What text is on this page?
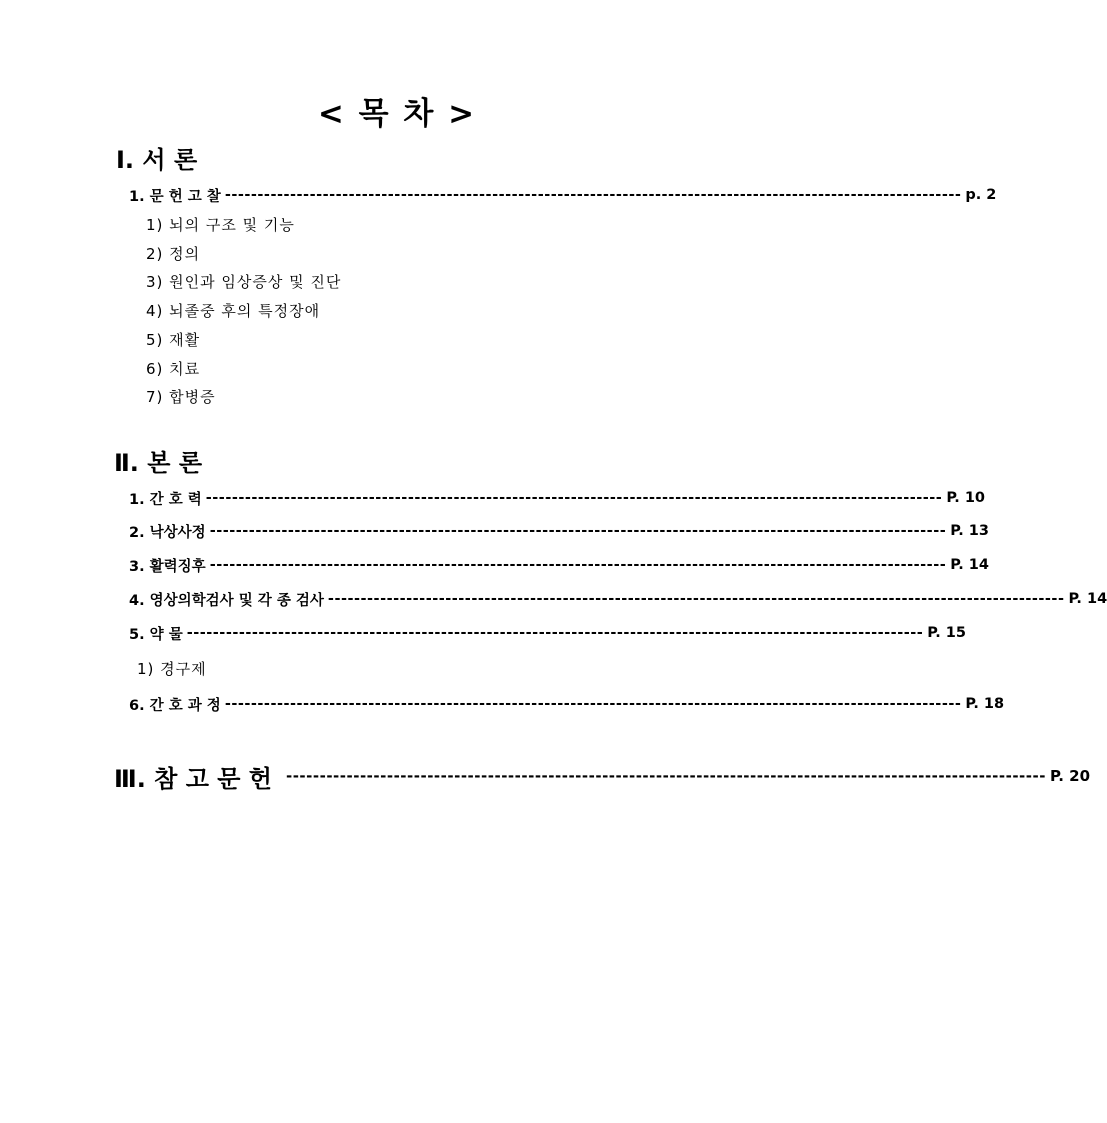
< 목 차 >
Ⅰ. 서 론
1. 문 헌 고 찰 ----------------------------------------------------------------------------------------------------------------- p. 2
1) 뇌의 구조 및 기능
2) 정의
3) 원인과 임상증상 및 진단
4) 뇌졸중 후의 특정장애
5) 재활
6) 치료
7) 합병증
Ⅱ. 본 론
1. 간 호 력 ----------------------------------------------------------------------------------------------------------------- P. 10
2. 낙상사정 ----------------------------------------------------------------------------------------------------------------- P. 13
3. 활력징후 ----------------------------------------------------------------------------------------------------------------- P. 14
4. 영상의학검사 및 각 종 검사 ----------------------------------------------------------------------------------------------------------------- P. 14
5. 약 물 ----------------------------------------------------------------------------------------------------------------- P. 15
1) 경구제
6. 간 호 과 정 ----------------------------------------------------------------------------------------------------------------- P. 18
Ⅲ. 참 고 문 헌 ----------------------------------------------------------------------------------------------------------------- P. 20
